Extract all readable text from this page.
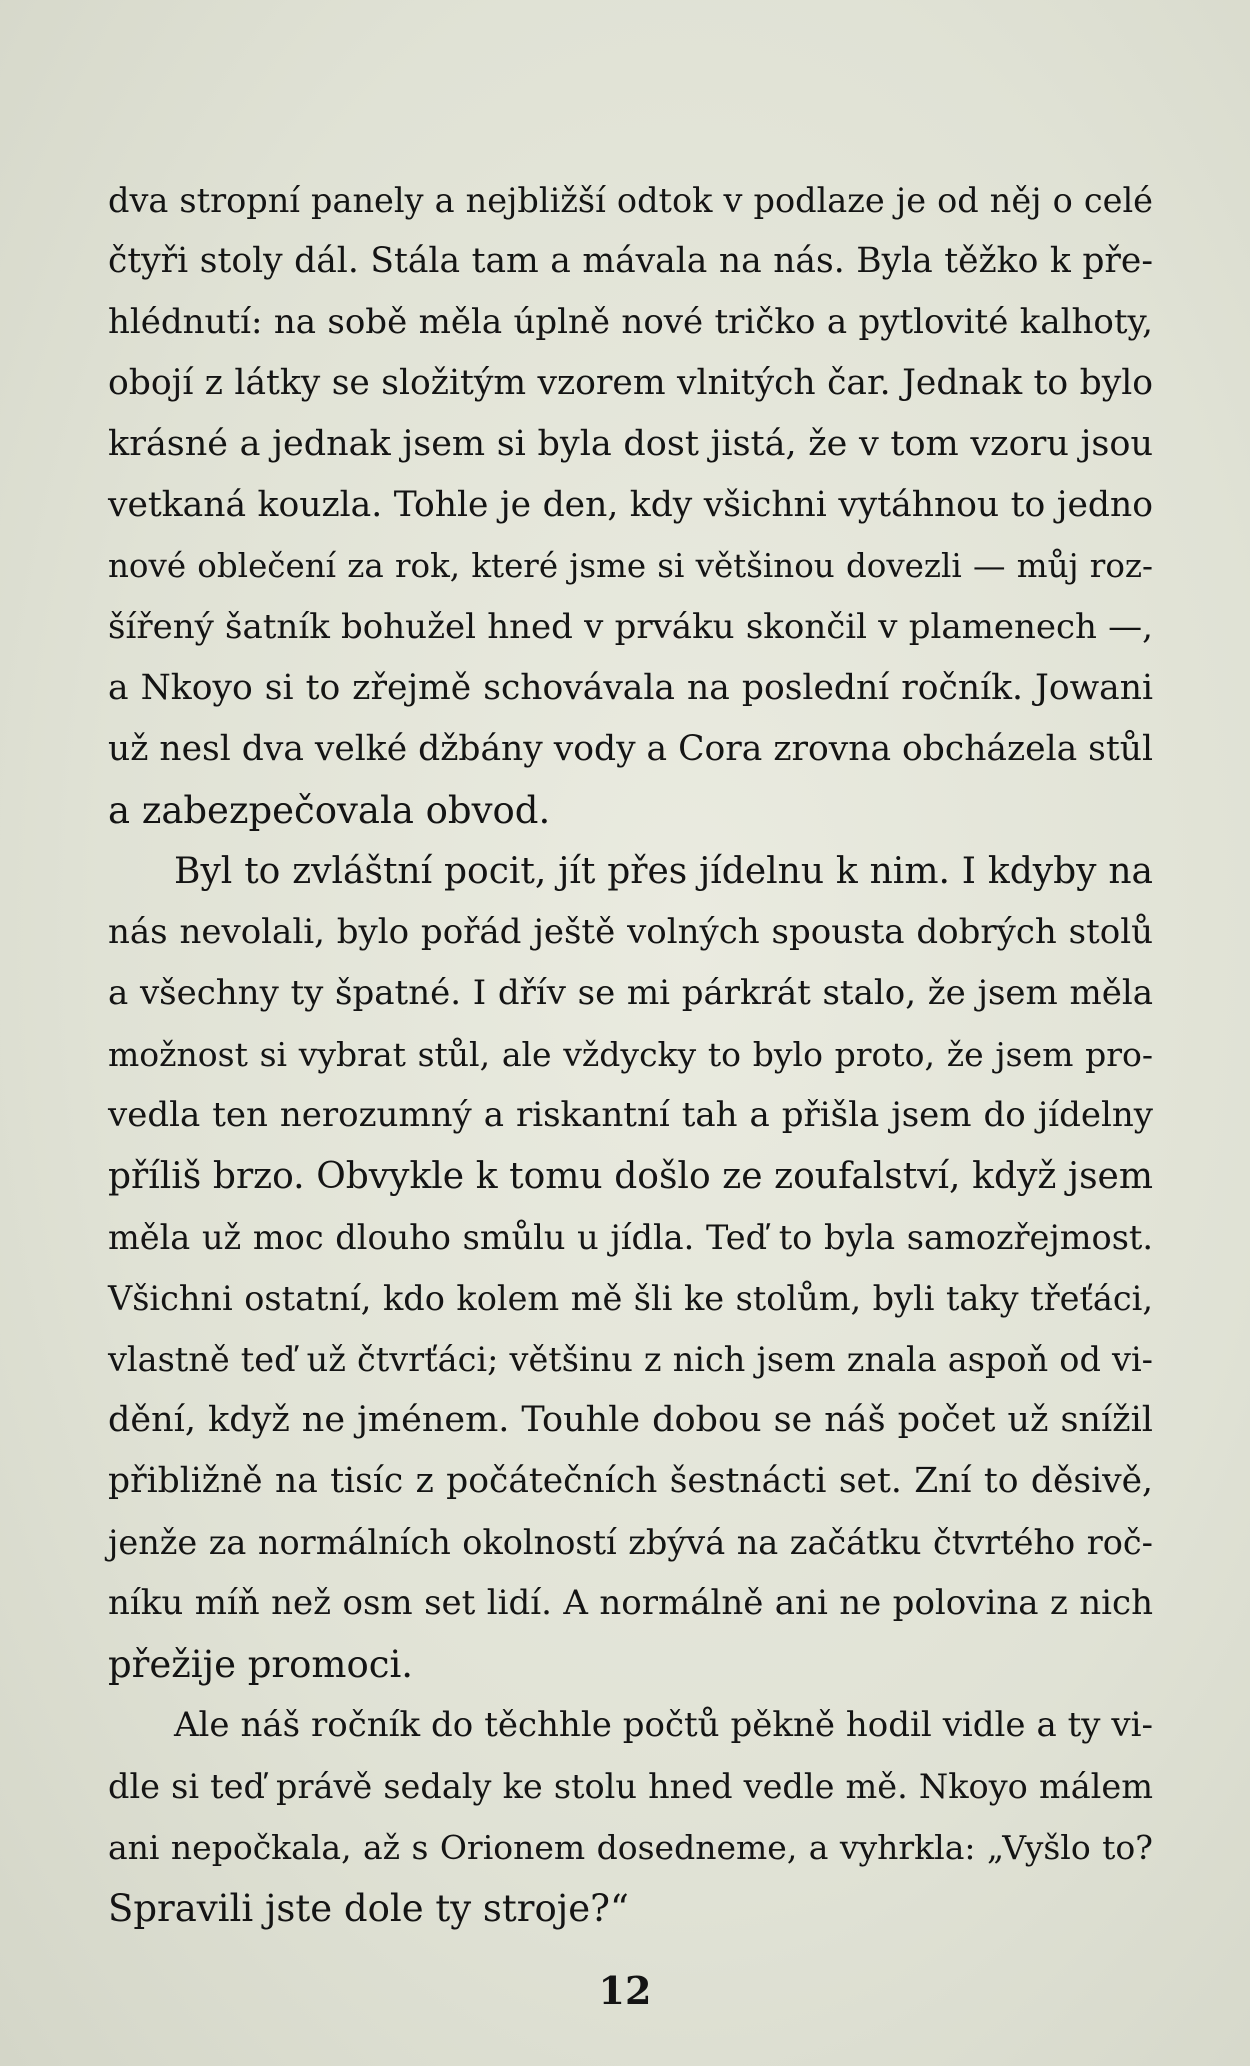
dva stropní panely a nejbližší odtok v podlaze je od něj o celé
čtyři stoly dál. Stála tam a mávala na nás. Byla těžko k pře-
hlédnutí: na sobě měla úplně nové tričko a pytlovité kalhoty,
obojí z látky se složitým vzorem vlnitých čar. Jednak to bylo
krásné a jednak jsem si byla dost jistá, že v tom vzoru jsou
vetkaná kouzla. Tohle je den, kdy všichni vytáhnou to jedno
nové oblečení za rok, které jsme si většinou dovezli — můj roz-
šířený šatník bohužel hned v prváku skončil v plamenech —,
a Nkoyo si to zřejmě schovávala na poslední ročník. Jowani
už nesl dva velké džbány vody a Cora zrovna obcházela stůl
a zabezpečovala obvod.

Byl to zvláštní pocit, jít přes jídelnu k nim. I kdyby na
nás nevolali, bylo pořád ještě volných spousta dobrých stolů
a všechny ty špatné. I dřív se mi párkrát stalo, že jsem měla
možnost si vybrat stůl, ale vždycky to bylo proto, že jsem pro-
vedla ten nerozumný a riskantní tah a přišla jsem do jídelny
příliš brzo. Obvykle k tomu došlo ze zoufalství, když jsem
měla už moc dlouho smůlu u jídla. Teď to byla samozřejmost.
Všichni ostatní, kdo kolem mě šli ke stolům, byli taky třeťáci,
vlastně teď už čtvrťáci; většinu z nich jsem znala aspoň od vi-
dění, když ne jménem. Touhle dobou se náš počet už snížil
přibližně na tisíc z počátečních šestnácti set. Zní to děsivě,
jenže za normálních okolností zbývá na začátku čtvrtého roč-
níku míň než osm set lidí. A normálně ani ne polovina z nich
přežije promoci.

Ale náš ročník do těchhle počtů pěkně hodil vidle a ty vi-
dle si teď právě sedaly ke stolu hned vedle mě. Nkoyo málem
ani nepočkala, až s Orionem dosedneme, a vyhrkla: „Vyšlo to?
Spravili jste dole ty stroje?“

12
